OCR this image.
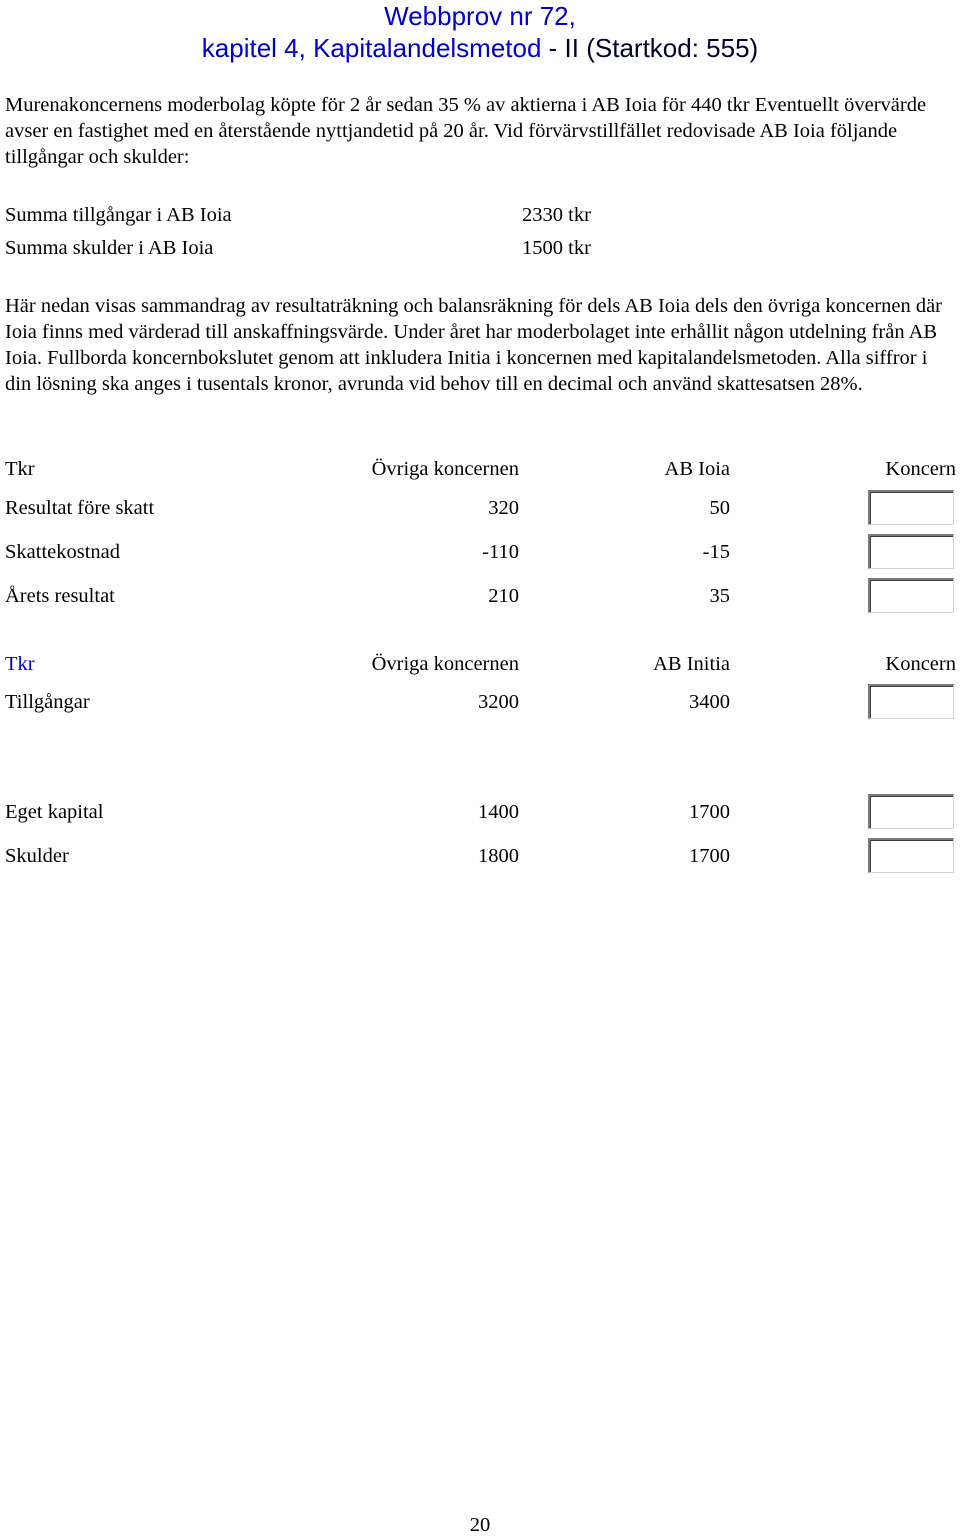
Webbprov nr 72,
kapitel 4, Kapitalandelsmetod - II (Startkod: 555)

Murenakoncernens moderbolag köpte för 2 år sedan 35 % av aktierna i AB Ioia för 440 tkr Eventuellt övervärde avser en fastighet med en återstående nyttjandetid på 20 år. Vid förvärvstillfället redovisade AB Ioia följande tillgångar och skulder:

Summa tillgångar i AB Ioia	2330 tkr
Summa skulder i AB Ioia	1500 tkr

Här nedan visas sammandrag av resultaträkning och balansräkning för dels AB Ioia dels den övriga koncernen där Ioia finns med värderad till anskaffningsvärde. Under året har moderbolaget inte erhållit någon utdelning från AB Ioia. Fullborda koncernbokslutet genom att inkludera Initia i koncernen med kapitalandelsmetoden. Alla siffror i din lösning ska anges i tusentals kronor, avrunda vid behov till en decimal och använd skattesatsen 28%.

Tkr	Övriga koncernen	AB Ioia	Koncern
Resultat före skatt	320	50
Skattekostnad	-110	-15
Årets resultat	210	35
Tkr	Övriga koncernen	AB Initia	Koncern
Tillgångar	3200	3400
Eget kapital	1400	1700
Skulder	1800	1700
20
